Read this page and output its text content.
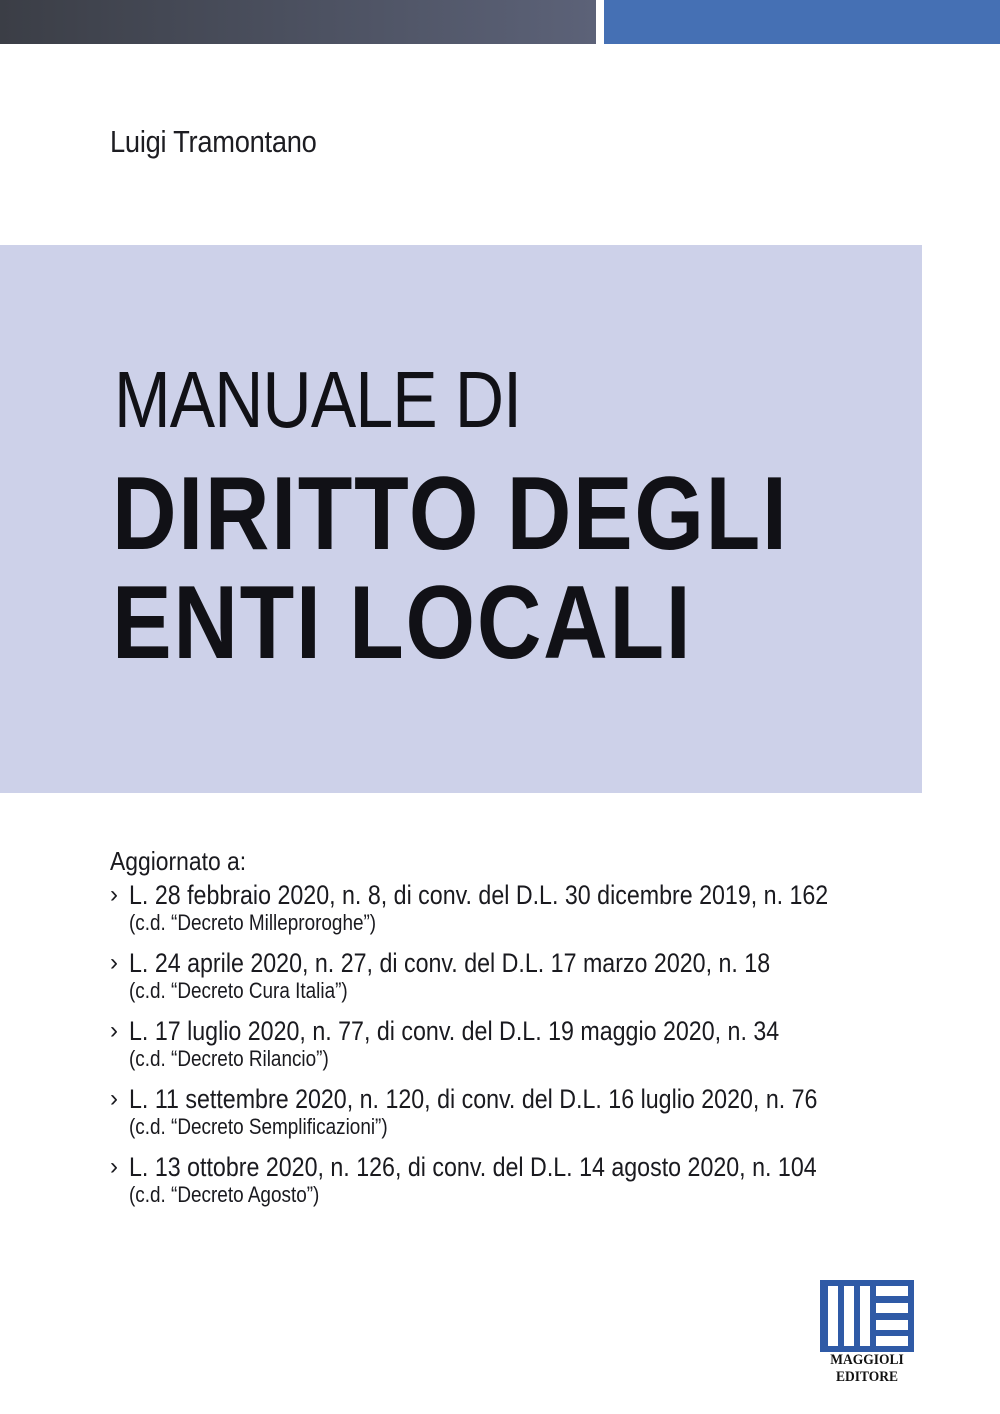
Luigi Tramontano
MANUALE DI
DIRITTO DEGLI
ENTI LOCALI
Aggiornato a:
› L. 28 febbraio 2020, n. 8, di conv. del D.L. 30 dicembre 2019, n. 162
(c.d. “Decreto Milleproroghe”)
› L. 24 aprile 2020, n. 27, di conv. del D.L. 17 marzo 2020, n. 18
(c.d. “Decreto Cura Italia”)
› L. 17 luglio 2020, n. 77, di conv. del D.L. 19 maggio 2020, n. 34
(c.d. “Decreto Rilancio”)
› L. 11 settembre 2020, n. 120, di conv. del D.L. 16 luglio 2020, n. 76
(c.d. “Decreto Semplificazioni”)
› L. 13 ottobre 2020, n. 126, di conv. del D.L. 14 agosto 2020, n. 104
(c.d. “Decreto Agosto”)
MAGGIOLI
EDITORE
